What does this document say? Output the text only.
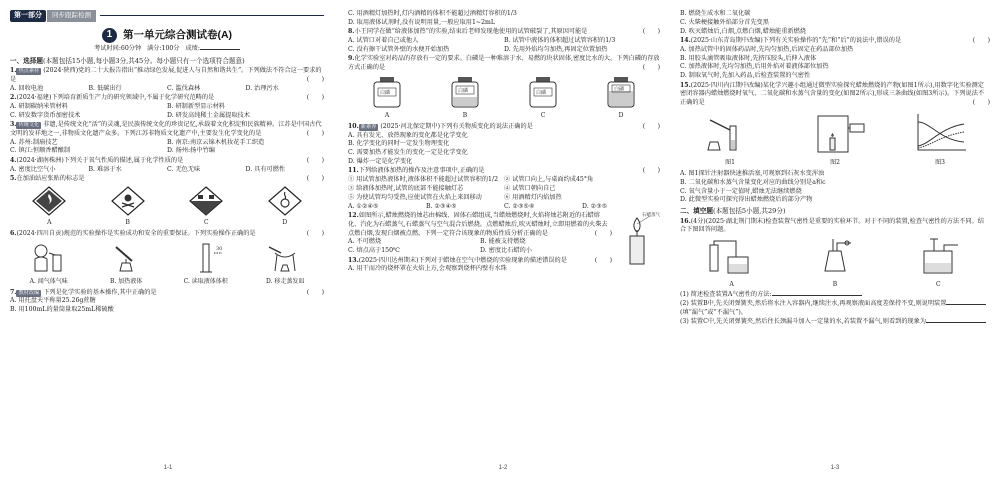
第一部分	同步跟踪检测
1	第一单元综合测试卷(A)
考试时间:60分钟 满分:100分 成绩:
一、选择题(本题包括15小题,每小题3分,共45分。每小题只有一个选项符合题意)
1. 热点素材 (2024·陕西)党的二十大报告指出“推动绿色发展,促进人与自然和谐共生”。下列做法不符合这一要求的是	(  )
A. 回收电池	B. 低碳出行	C. 滥伐森林	D. 治理污水
2.(2024·福建)下列培育新质生产力的研究领域中,不属于化学研究范畴的是	(  )
A. 研制碳纳米管材料	B. 研制新型显示材料
C. 研发数字货币加密技术	D. 研发高纯稀土金属提取技术
3. 传统文化 非遗,是传统文化“活”的灵魂,是民族传统文化的珍贵记忆,承载着文化积淀和民族精神。江苏是中国古代文明的发祥地之一,非物质文化遗产众多。下列江苏非物质文化遗产中,主要发生化学变化的是	(  )
A. 苏州:制扇技艺	B. 南京:南京云锦木机妆花手工织造
C. 镇江:恒顺香醋酿制	D. 扬州:扬中竹编
4.(2024·湖南株洲)下列关于氧气性质的描述,属于化学性质的是	(  )
A. 密度比空气小	B. 难溶于水	C. 无色无味	D. 具有可燃性
5.在加油站应张贴的标志是	(  )
A	B	C	D
6.(2024·四川自贡)规范的实验操作是实验成功和安全的重要保证。下列实验操作正确的是	(  )
A. 闻气体气味	B. 加热液体
30
C. 读取液体体积	D. 移走蒸发皿
7. 教材改编 下列是化学实验的基本操作,其中正确的是	(  )
A. 用托盘天平称量25.26g蔗糖
B. 用100mL的量筒量取25mL稀硫酸
1-1
C. 用酒精灯加热时,灯内酒精的体积不能超过酒精灯容积的1/3
D. 取用液体试剂时,没有说明用量,一般应取用1~2mL
8.小王同学在做“给液体加热”的实验,结束后老师发现他使用的试管破裂了,其原因可能是	(  )
A. 试管口对着自己或他人	B. 试管中液体的体积超过试管容积的1/3
C. 没有擦干试管外壁的水便开始加热	D. 先用外焰均匀加热,再固定位置加热
9.化学实验室对药品的存放有一定的要求。白磷是一种难溶于水、易燃的块状固体,密度比水的大。下列白磷的存放方式正确的是	(  )
白磷
A
白磷
B
白磷
C
白磷
D
10. 新素养 (2025·河北保定期中)下列有关物质变化的说法正确的是	(  )
A. 具有发光、放热现象的变化都是化学变化
B. 化学变化的同时一定发生物理变化
C. 需要加热才能发生的变化一定是化学变化
D. 爆炸一定是化学变化
11.下列给液体加热的操作及注意事项中,正确的是	(  )
① 用试管加热液体时,液体体积不能超过试管容积的1/2 ② 试管口向上,与桌面约成45°角
③ 给液体加热时,试管的底部不能接触灯芯	④ 试管口朝向自己
⑤ 为使试管均匀受热,应使试管在火焰上来回移动	⑥ 用酒精灯内焰加热
A. ①②④⑤	B. ②③④⑤	C. ②③⑤⑥	D. ②③⑤
石蜡蒸气
12.如图所示,蜡烛燃烧的烛芯由棉线、固体石蜡组成,当蜡烛燃烧时,火焰将烛芯附近的石蜡熔化、汽化为石蜡蒸气,石蜡蒸气与空气混合后燃烧。点燃蜡烛后,吹灭蜡烛时,立即用燃着的火柴去点燃白烟,发现白烟被点燃。下列一定符合该现象的物质性质分析正确的是	(  )
A. 不可燃烧	B. 能被支持燃烧
C. 熔点高于150℃	D. 密度比石蜡的小
13.(2025·四川达州期末)下列对于蜡烛在空气中燃烧的实验现象的描述错误的是	(  )
A. 用干而冷的烧杯罩在火焰上方,会观察到烧杯内壁有水珠
1-2
B. 燃烧生成水和二氧化碳
C. 火柴梗接触外焰部分首先变黑
D. 吹灭蜡烛后,白烟,点燃白烟,蜡烛能重新燃烧
14.(2025·山东青岛期中改编)下列有关实验操作的“先”和“后”的说法中,错误的是	(  )
A. 加热试管中的固体药品时,先均匀加热,后固定在药品部位加热
B. 用胶头滴管吸取液体时,先挤压胶头,后伸入液体
C. 加热液体时,先均匀加热,后用外焰对着液体部位加热
D. 制取氧气时,先加入药品,后检查装置的气密性
15.(2025·四川内江期中改编)某化学兴趣小组通过微型实验探究蜡烛燃烧的产物(如图1所示),用数字化实验测定密闭容器内蜡烛燃烧时氧气、二氧化碳和水蒸气含量的变化(如图2所示),形成三条曲线(如图3所示)。下列说法不正确的是	(  )
图1	图2	图3
A. 图1探针注射器快速推活塞,可观察到石灰水变浑浊
B. 二氧化碳和水蒸气含量变化对应的曲线分别是a和c
C. 氧气含量小于一定值时,蜡烛无法继续燃烧
D. 此微型实验可探究得出蜡烛燃烧后的部分产物
二、填空题(本题包括5小题,共29分)
16.(4分)(2025·湖北荆门期末)检查装置气密性是重要的实验环节。对于不同的装置,检查气密性的方法不同。结合下图回答问题。
A	B	C
(1) 简述检查装置A气密性的方法:
(2) 装置B中,先关闭弹簧夹,然后将水注入容器内,继续注水,再观察液面高度差保持不变,则说明装置(填“漏气”或“不漏气”)。
(3) 装置C中,先关闭弹簧夹,然后往长颈漏斗加入一定量的水,若装置不漏气,则看到的现象为
1-3
